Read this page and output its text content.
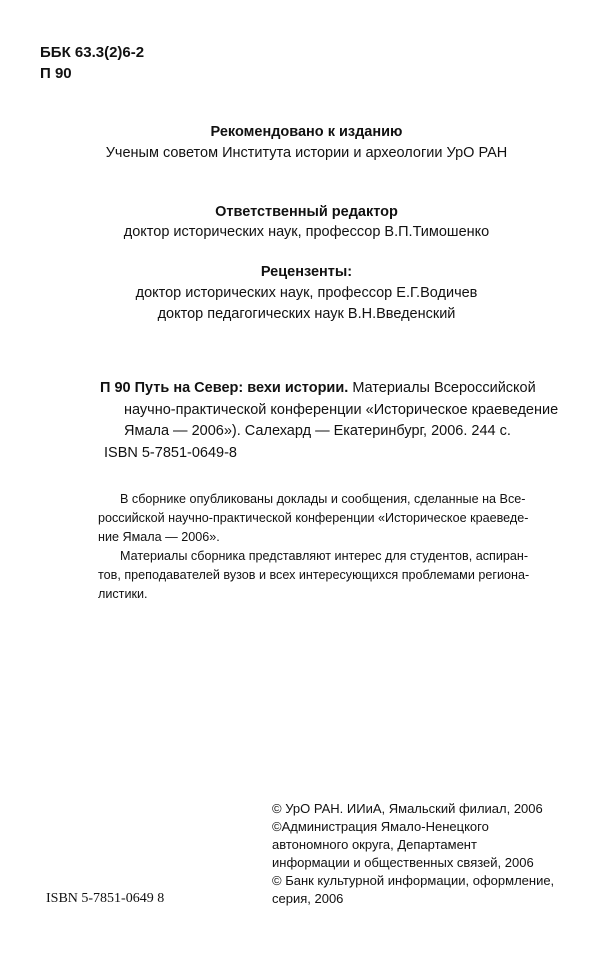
ББК 63.3(2)6-2
П 90
Рекомендовано к изданию
Ученым советом Института истории и археологии УрО РАН
Ответственный редактор
доктор исторических наук, профессор В.П.Тимошенко
Рецензенты:
доктор исторических наук, профессор Е.Г.Водичев
доктор педагогических наук В.Н.Введенский
П 90 Путь на Север: вехи истории. Материалы Всероссийской
научно-практической конференции «Историческое краеведение
Ямала — 2006»). Салехард — Екатеринбург, 2006. 244 с.
ISBN 5-7851-0649-8
В сборнике опубликованы доклады и сообщения, сделанные на Все-
российской научно-практической конференции «Историческое краеведе-
ние Ямала — 2006».
Материалы сборника представляют интерес для студентов, аспиран-
тов, преподавателей вузов и всех интересующихся проблемами регионa-
листики.
© УрО РАН. ИИиА, Ямальский филиал, 2006
©Администрация Ямало-Ненецкого
автономного округа, Департамент
информации и общественных связей, 2006
© Банк культурной информации, оформление,
серия, 2006
ISBN 5-7851-0649 8
